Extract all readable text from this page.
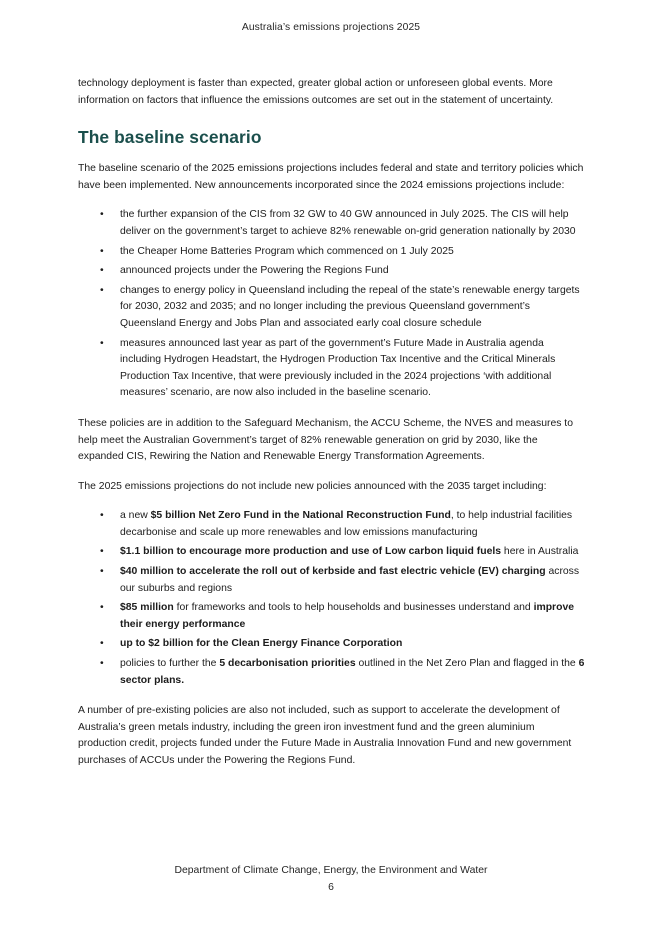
Australia’s emissions projections 2025

technology deployment is faster than expected, greater global action or unforeseen global events. More information on factors that influence the emissions outcomes are set out in the statement of uncertainty.

The baseline scenario

The baseline scenario of the 2025 emissions projections includes federal and state and territory policies which have been implemented. New announcements incorporated since the 2024 emissions projections include:

• the further expansion of the CIS from 32 GW to 40 GW announced in July 2025. The CIS will help deliver on the government’s target to achieve 82% renewable on-grid generation nationally by 2030
• the Cheaper Home Batteries Program which commenced on 1 July 2025
• announced projects under the Powering the Regions Fund
• changes to energy policy in Queensland including the repeal of the state’s renewable energy targets for 2030, 2032 and 2035; and no longer including the previous Queensland government’s Queensland Energy and Jobs Plan and associated early coal closure schedule
• measures announced last year as part of the government’s Future Made in Australia agenda including Hydrogen Headstart, the Hydrogen Production Tax Incentive and the Critical Minerals Production Tax Incentive, that were previously included in the 2024 projections ‘with additional measures’ scenario, are now also included in the baseline scenario.

These policies are in addition to the Safeguard Mechanism, the ACCU Scheme, the NVES and measures to help meet the Australian Government’s target of 82% renewable generation on grid by 2030, like the expanded CIS, Rewiring the Nation and Renewable Energy Transformation Agreements.

The 2025 emissions projections do not include new policies announced with the 2035 target including:

• a new $5 billion Net Zero Fund in the National Reconstruction Fund, to help industrial facilities decarbonise and scale up more renewables and low emissions manufacturing
• $1.1 billion to encourage more production and use of Low carbon liquid fuels here in Australia
• $40 million to accelerate the roll out of kerbside and fast electric vehicle (EV) charging across our suburbs and regions
• $85 million for frameworks and tools to help households and businesses understand and improve their energy performance
• up to $2 billion for the Clean Energy Finance Corporation
• policies to further the 5 decarbonisation priorities outlined in the Net Zero Plan and flagged in the 6 sector plans.

A number of pre-existing policies are also not included, such as support to accelerate the development of Australia’s green metals industry, including the green iron investment fund and the green aluminium production credit, projects funded under the Future Made in Australia Innovation Fund and new government purchases of ACCUs under the Powering the Regions Fund.

Department of Climate Change, Energy, the Environment and Water
6
